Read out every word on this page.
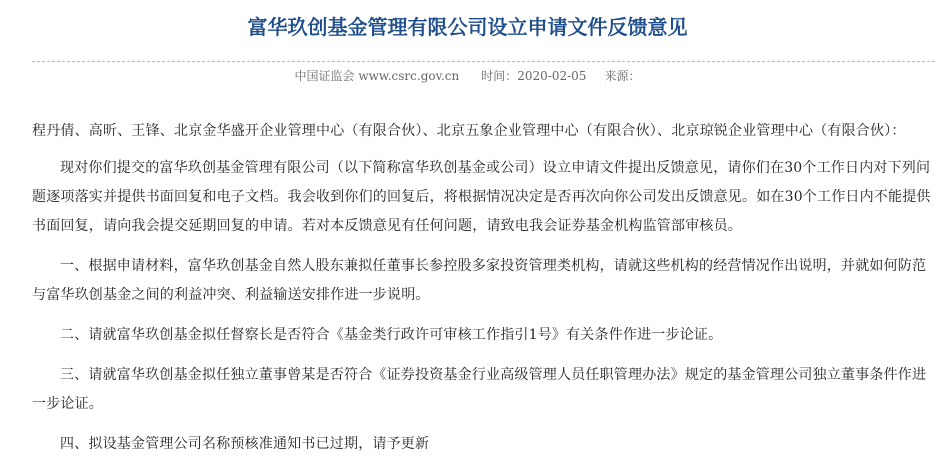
富华玖创基金管理有限公司设立申请文件反馈意见
中国证监会 www.csrc.gov.cn 时间：2020-02-05 来源：

程丹倩、高昕、王锋、北京金华盛开企业管理中心（有限合伙）、北京五象企业管理中心（有限合伙）、北京琼锐企业管理中心（有限合伙）：

现对你们提交的富华玖创基金管理有限公司（以下简称富华玖创基金或公司）设立申请文件提出反馈意见，请你们在30个工作日内对下列问题逐项落实并提供书面回复和电子文档。我会收到你们的回复后，将根据情况决定是否再次向你公司发出反馈意见。如在30个工作日内不能提供书面回复，请向我会提交延期回复的申请。若对本反馈意见有任何问题，请致电我会证券基金机构监管部审核员。

一、根据申请材料，富华玖创基金自然人股东兼拟任董事长参控股多家投资管理类机构，请就这些机构的经营情况作出说明，并就如何防范与富华玖创基金之间的利益冲突、利益输送安排作进一步说明。

二、请就富华玖创基金拟任督察长是否符合《基金类行政许可审核工作指引1号》有关条件作进一步论证。

三、请就富华玖创基金拟任独立董事曾某是否符合《证券投资基金行业高级管理人员任职管理办法》规定的基金管理公司独立董事条件作进一步论证。

四、拟设基金管理公司名称预核准通知书已过期，请予更新
